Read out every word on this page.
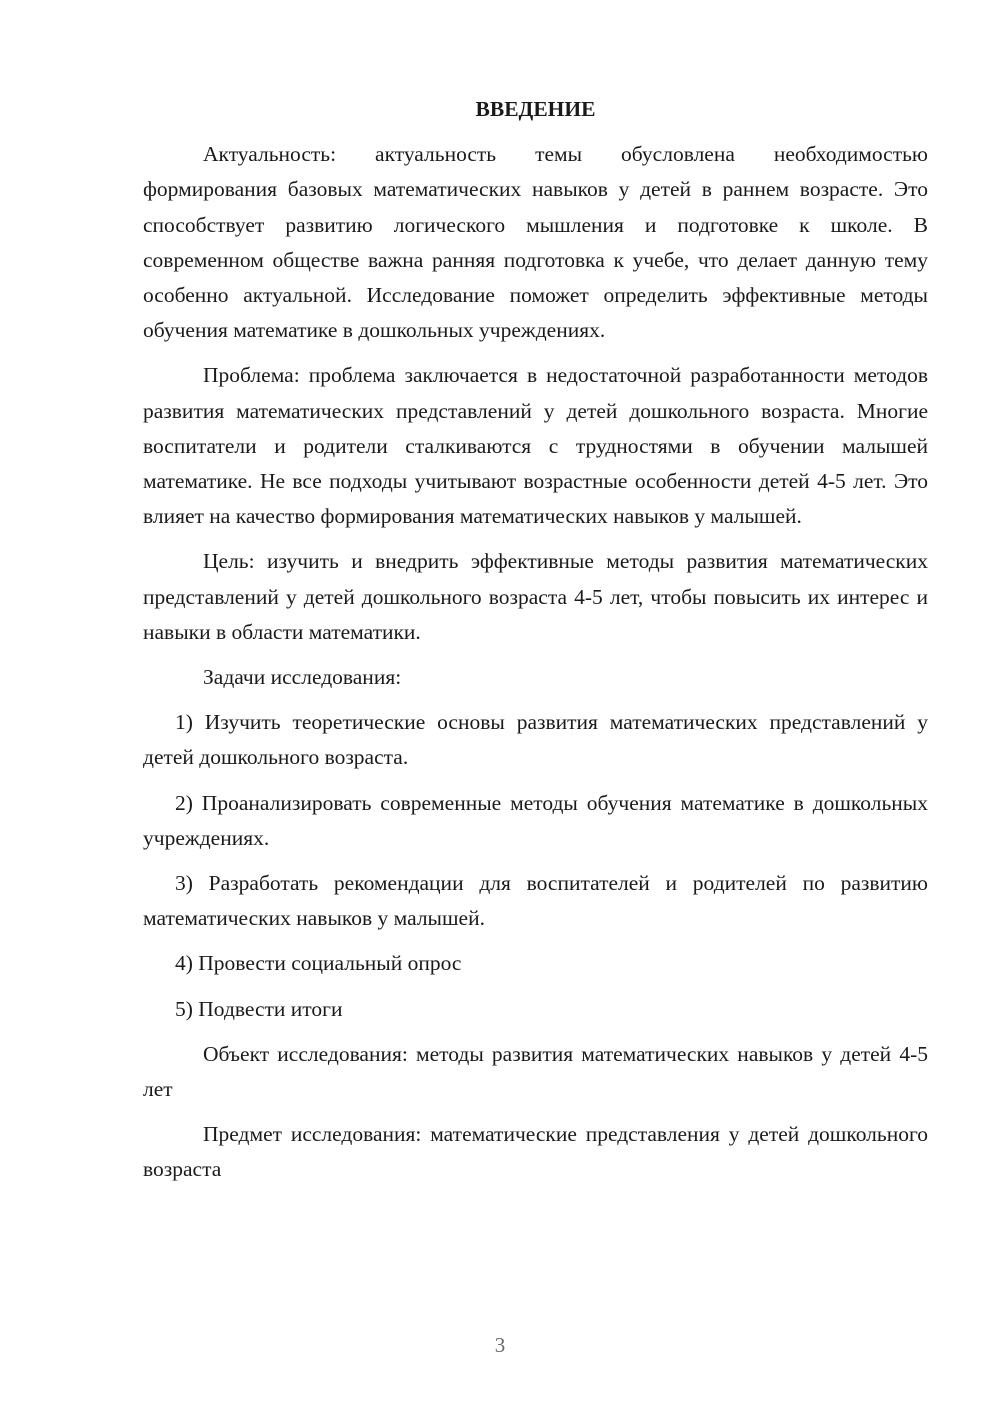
ВВЕДЕНИЕ

Актуальность: актуальность темы обусловлена необходимостью формирования базовых математических навыков у детей в раннем возрасте. Это способствует развитию логического мышления и подготовке к школе. В современном обществе важна ранняя подготовка к учебе, что делает данную тему особенно актуальной. Исследование поможет определить эффективные методы обучения математике в дошкольных учреждениях.

Проблема: проблема заключается в недостаточной разработанности методов развития математических представлений у детей дошкольного возраста. Многие воспитатели и родители сталкиваются с трудностями в обучении малышей математике. Не все подходы учитывают возрастные особенности детей 4-5 лет. Это влияет на качество формирования математических навыков у малышей.

Цель: изучить и внедрить эффективные методы развития математических представлений у детей дошкольного возраста 4-5 лет, чтобы повысить их интерес и навыки в области математики.

Задачи исследования:

1) Изучить теоретические основы развития математических представлений у детей дошкольного возраста.

2) Проанализировать современные методы обучения математике в дошкольных учреждениях.

3) Разработать рекомендации для воспитателей и родителей по развитию математических навыков у малышей.

4) Провести социальный опрос

5) Подвести итоги

Объект исследования: методы развития математических навыков у детей 4-5 лет

Предмет исследования: математические представления у детей дошкольного возраста

3
